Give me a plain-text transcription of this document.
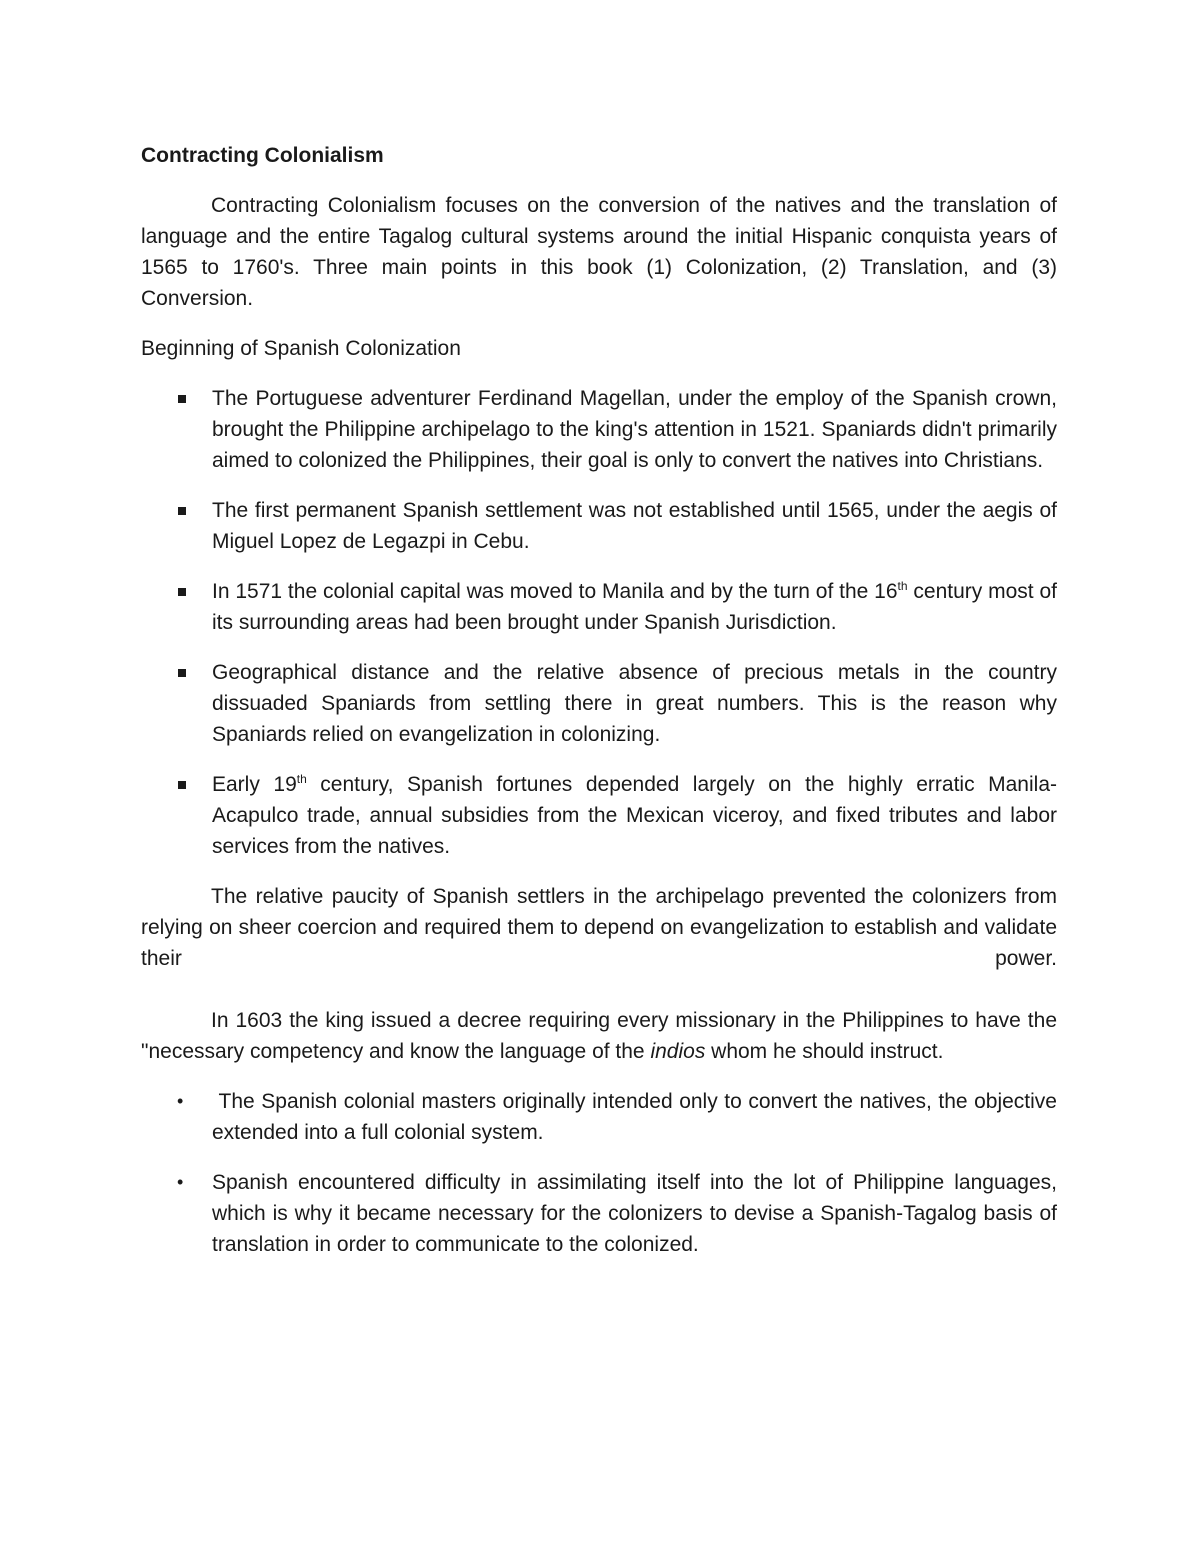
Contracting Colonialism

Contracting Colonialism focuses on the conversion of the natives and the translation of language and the entire Tagalog cultural systems around the initial Hispanic conquista years of 1565 to 1760's. Three main points in this book (1) Colonization, (2) Translation, and (3) Conversion.

Beginning of Spanish Colonization
The Portuguese adventurer Ferdinand Magellan, under the employ of the Spanish crown, brought the Philippine archipelago to the king's attention in 1521. Spaniards didn't primarily aimed to colonized the Philippines, their goal is only to convert the natives into Christians.
The first permanent Spanish settlement was not established until 1565, under the aegis of Miguel Lopez de Legazpi in Cebu.
In 1571 the colonial capital was moved to Manila and by the turn of the 16th century most of its surrounding areas had been brought under Spanish Jurisdiction.
Geographical distance and the relative absence of precious metals in the country dissuaded Spaniards from settling there in great numbers. This is the reason why Spaniards relied on evangelization in colonizing.
Early 19th century, Spanish fortunes depended largely on the highly erratic Manila-Acapulco trade, annual subsidies from the Mexican viceroy, and fixed tributes and labor services from the natives.

The relative paucity of Spanish settlers in the archipelago prevented the colonizers from relying on sheer coercion and required them to depend on evangelization to establish and validate their power.

In 1603 the king issued a decree requiring every missionary in the Philippines to have the "necessary competency and know the language of the indios whom he should instruct.

• The Spanish colonial masters originally intended only to convert the natives, the objective extended into a full colonial system.
• Spanish encountered difficulty in assimilating itself into the lot of Philippine languages, which is why it became necessary for the colonizers to devise a Spanish-Tagalog basis of translation in order to communicate to the colonized.
